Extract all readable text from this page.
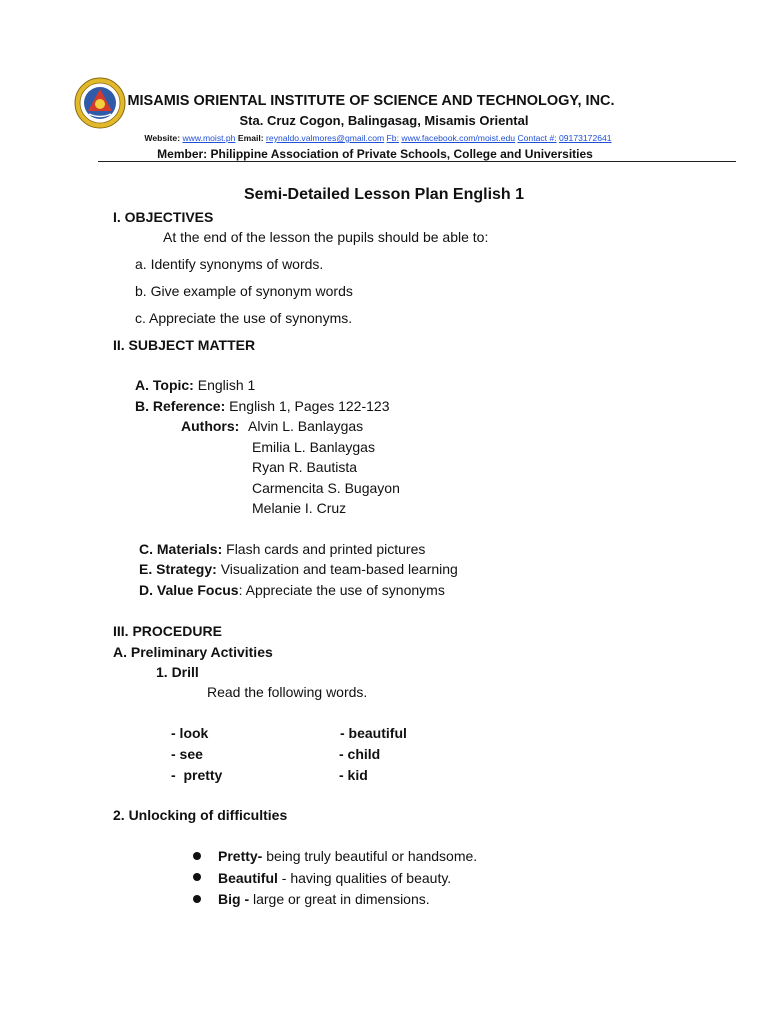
MISAMIS ORIENTAL INSTITUTE OF SCIENCE AND TECHNOLOGY, INC.
Sta. Cruz Cogon, Balingasag, Misamis Oriental
Website: www.moist.ph Email: reynaldo.valmores@gmail.com Fb: www.facebook.com/moist.edu Contact #: 09173172641
Member: Philippine Association of Private Schools, College and Universities
Semi-Detailed Lesson Plan English 1
I. OBJECTIVES
At the end of the lesson the pupils should be able to:
a. Identify synonyms of words.
b. Give example of synonym words
c. Appreciate the use of synonyms.
II. SUBJECT MATTER
A. Topic: English 1
B. Reference: English 1, Pages 122-123
Authors: Alvin L. Banlaygas
Emilia L. Banlaygas
Ryan R. Bautista
Carmencita S. Bugayon
Melanie I. Cruz
C. Materials: Flash cards and printed pictures
E. Strategy: Visualization and team-based learning
D. Value Focus: Appreciate the use of synonyms
III. PROCEDURE
A. Preliminary Activities
1. Drill
Read the following words.
- look
- see
-  pretty
- beautiful
- child
- kid
2. Unlocking of difficulties
Pretty- being truly beautiful or handsome.
Beautiful - having qualities of beauty.
Big - large or great in dimensions.
